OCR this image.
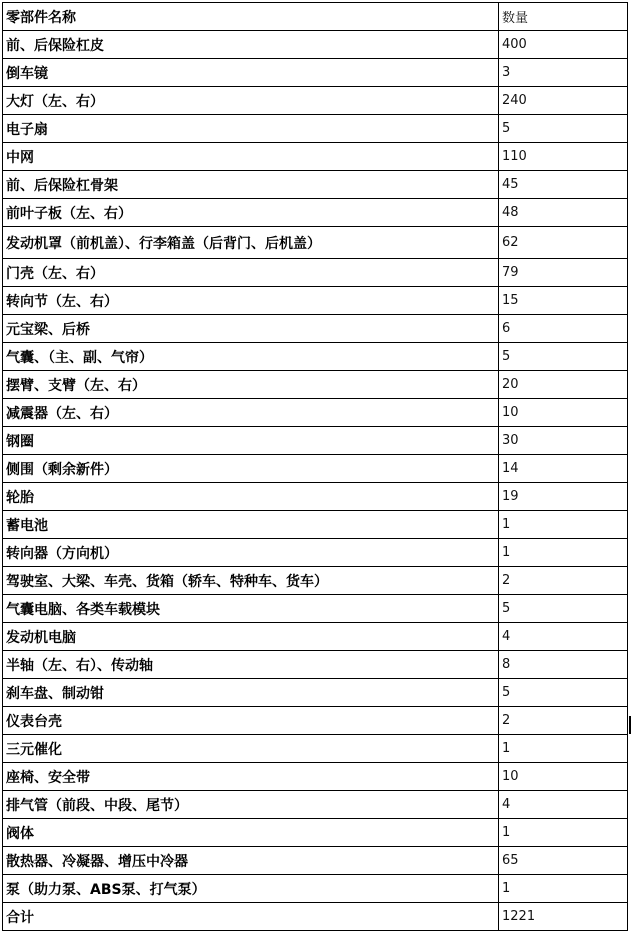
零部件名称	数量
前、后保险杠皮	400
倒车镜	3
大灯（左、右）	240
电子扇	5
中网	110
前、后保险杠骨架	45
前叶子板（左、右）	48
发动机罩（前机盖）、行李箱盖（后背门、后机盖）	62
门壳（左、右）	79
转向节（左、右）	15
元宝梁、后桥	6
气囊、（主、副、气帘）	5
摆臂、支臂（左、右）	20
减震器（左、右）	10
钢圈	30
侧围（剩余新件）	14
轮胎	19
蓄电池	1
转向器（方向机）	1
驾驶室、大梁、车壳、货箱（轿车、特种车、货车）	2
气囊电脑、各类车载模块	5
发动机电脑	4
半轴（左、右）、传动轴	8
刹车盘、制动钳	5
仪表台壳	2
三元催化	1
座椅、安全带	10
排气管（前段、中段、尾节）	4
阀体	1
散热器、冷凝器、增压中冷器	65
泵（助力泵、ABS泵、打气泵）	1
合计	1221
